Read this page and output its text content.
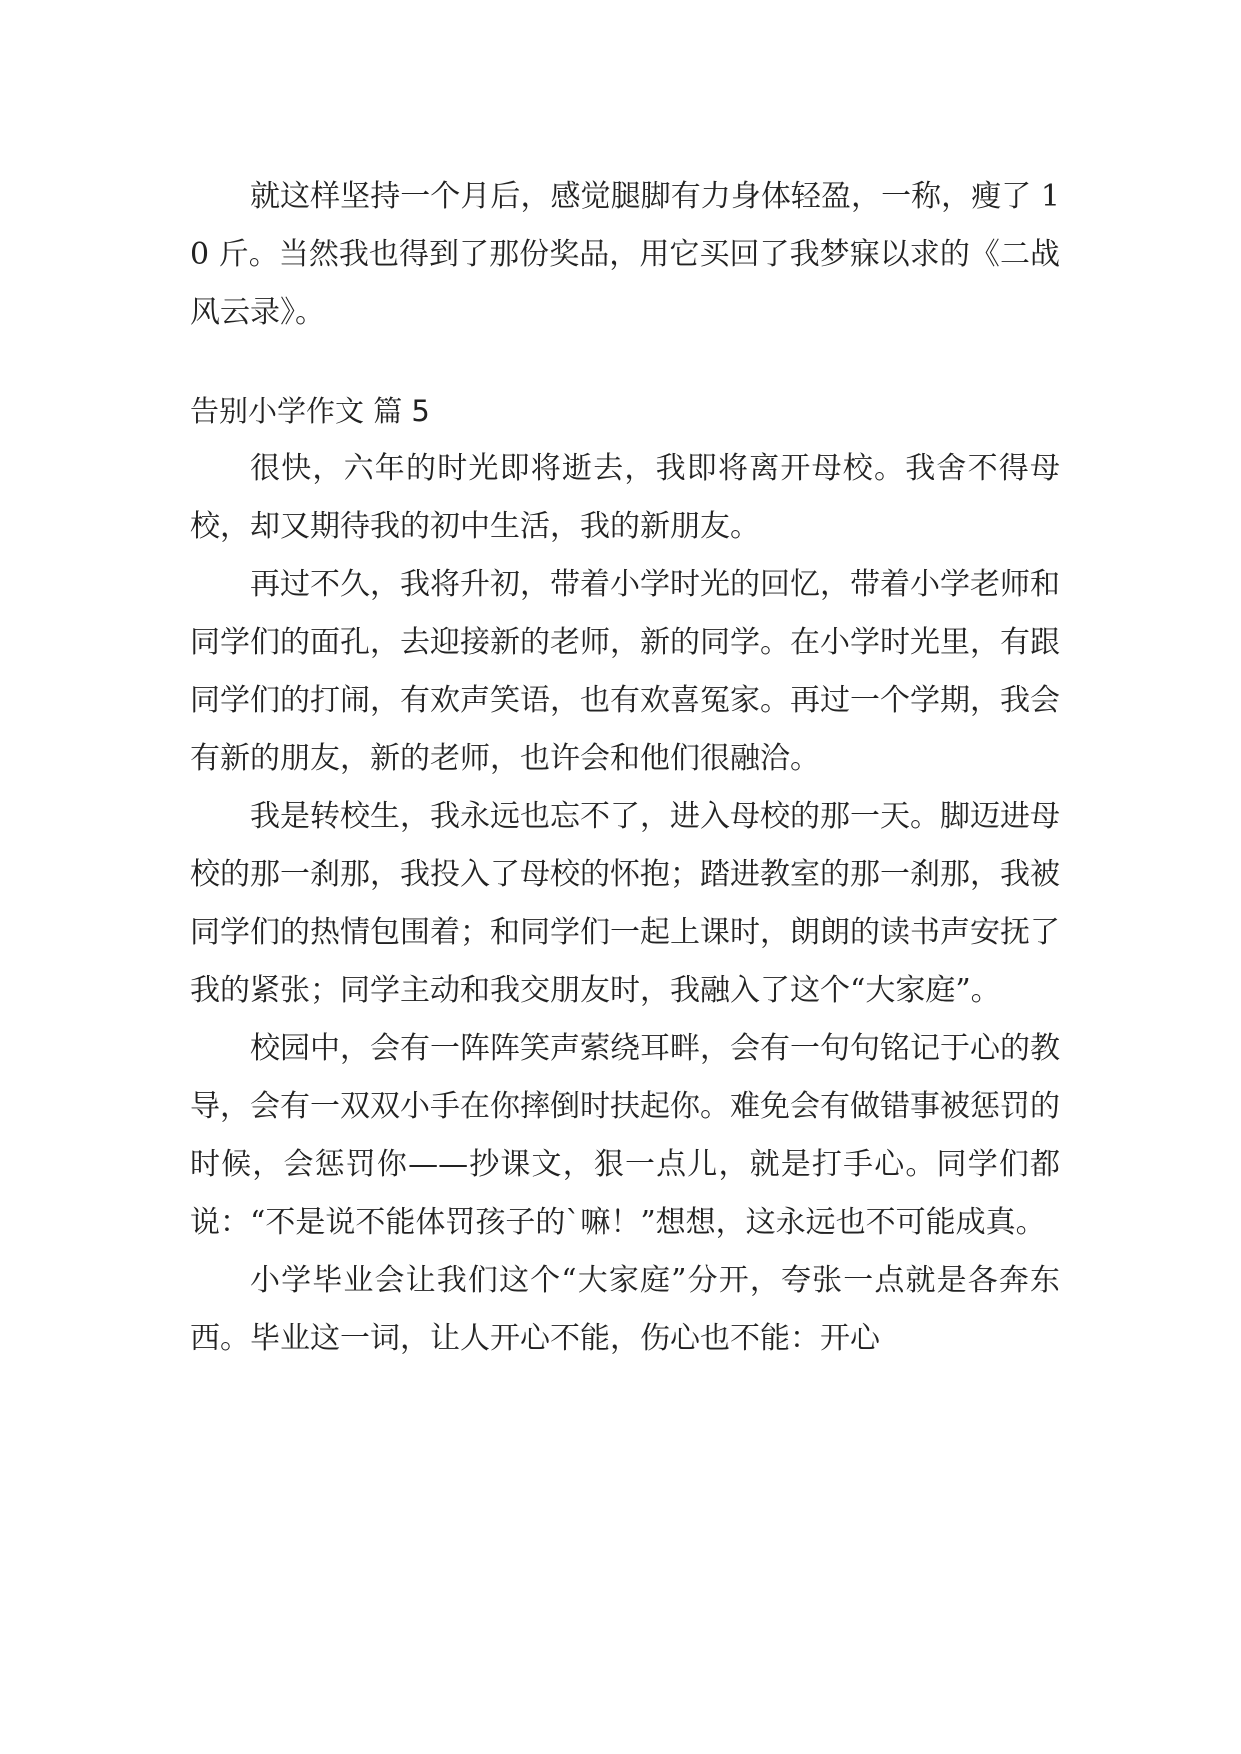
就这样坚持一个月后，感觉腿脚有力身体轻盈，一称，瘦了 10 斤。当然我也得到了那份奖品，用它买回了我梦寐以求的《二战风云录》。

告别小学作文 篇 5

很快，六年的时光即将逝去，我即将离开母校。我舍不得母校，却又期待我的初中生活，我的新朋友。

再过不久，我将升初，带着小学时光的回忆，带着小学老师和同学们的面孔，去迎接新的老师，新的同学。在小学时光里，有跟同学们的打闹，有欢声笑语，也有欢喜冤家。再过一个学期，我会有新的朋友，新的老师，也许会和他们很融洽。

我是转校生，我永远也忘不了，进入母校的那一天。脚迈进母校的那一刹那，我投入了母校的怀抱；踏进教室的那一刹那，我被同学们的热情包围着；和同学们一起上课时，朗朗的读书声安抚了我的紧张；同学主动和我交朋友时，我融入了这个“大家庭”。

校园中，会有一阵阵笑声萦绕耳畔，会有一句句铭记于心的教导，会有一双双小手在你摔倒时扶起你。难免会有做错事被惩罚的时候，会惩罚你——抄课文，狠一点儿，就是打手心。同学们都说：“不是说不能体罚孩子的`嘛！”想想，这永远也不可能成真。

小学毕业会让我们这个“大家庭”分开，夸张一点就是各奔东西。毕业这一词，让人开心不能，伤心也不能：开心
